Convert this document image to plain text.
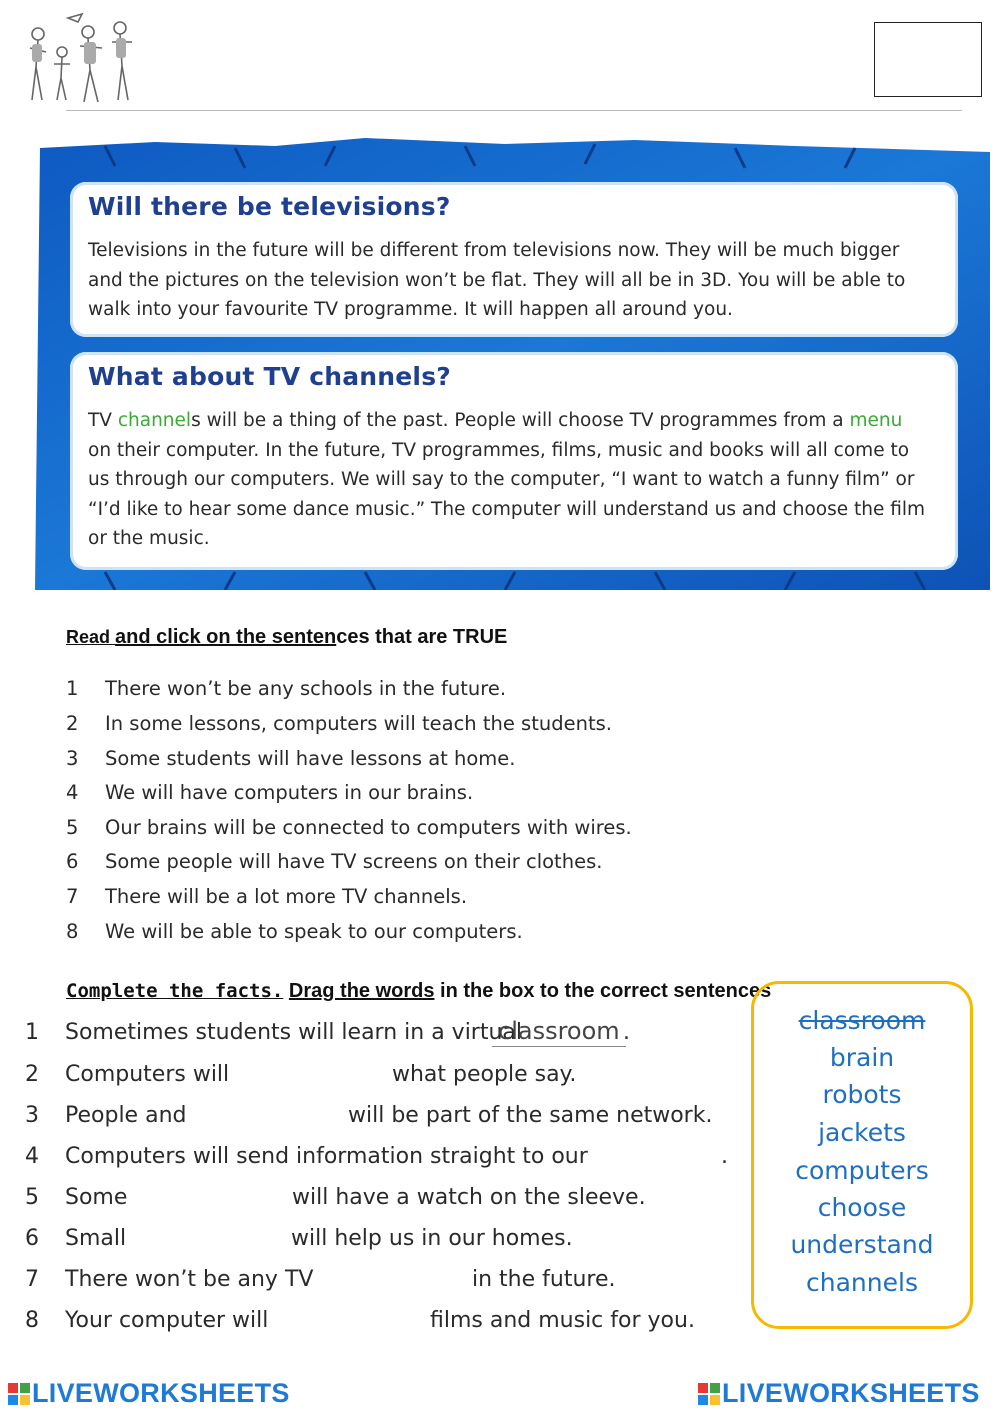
Will there be televisions?

Televisions in the future will be different from televisions now. They will be much bigger
and the pictures on the television won’t be flat. They will all be in 3D. You will be able to
walk into your favourite TV programme. It will happen all around you.

What about TV channels?

TV channels will be a thing of the past. People will choose TV programmes from a menu
on their computer. In the future, TV programmes, films, music and books will all come to
us through our computers. We will say to the computer, “I want to watch a funny film” or
“I’d like to hear some dance music.” The computer will understand us and choose the film
or the music.

Read and click on the sentences that are TRUE
1	There won’t be any schools in the future.
2	In some lessons, computers will teach the students.
3	Some students will have lessons at home.
4	We will have computers in our brains.
5	Our brains will be connected to computers with wires.
6	Some people will have TV screens on their clothes.
7	There will be a lot more TV channels.
8	We will be able to speak to our computers.
Complete the facts. Drag the words in the box to the correct sentences
1 Sometimes students will learn in a virtual
classroom .
2 Computers will	what people say.
3 People and	will be part of the same network.
4 Computers will send information straight to our	.
5 Some	will have a watch on the sleeve.
6 Small	will help us in our homes.
7 There won’t be any TV	in the future.
8 Your computer will	films and music for you.
classroom
brain
robots
jackets
computers
choose
understand
channels
LIVEWORKSHEETS	LIVEWORKSHEETS
